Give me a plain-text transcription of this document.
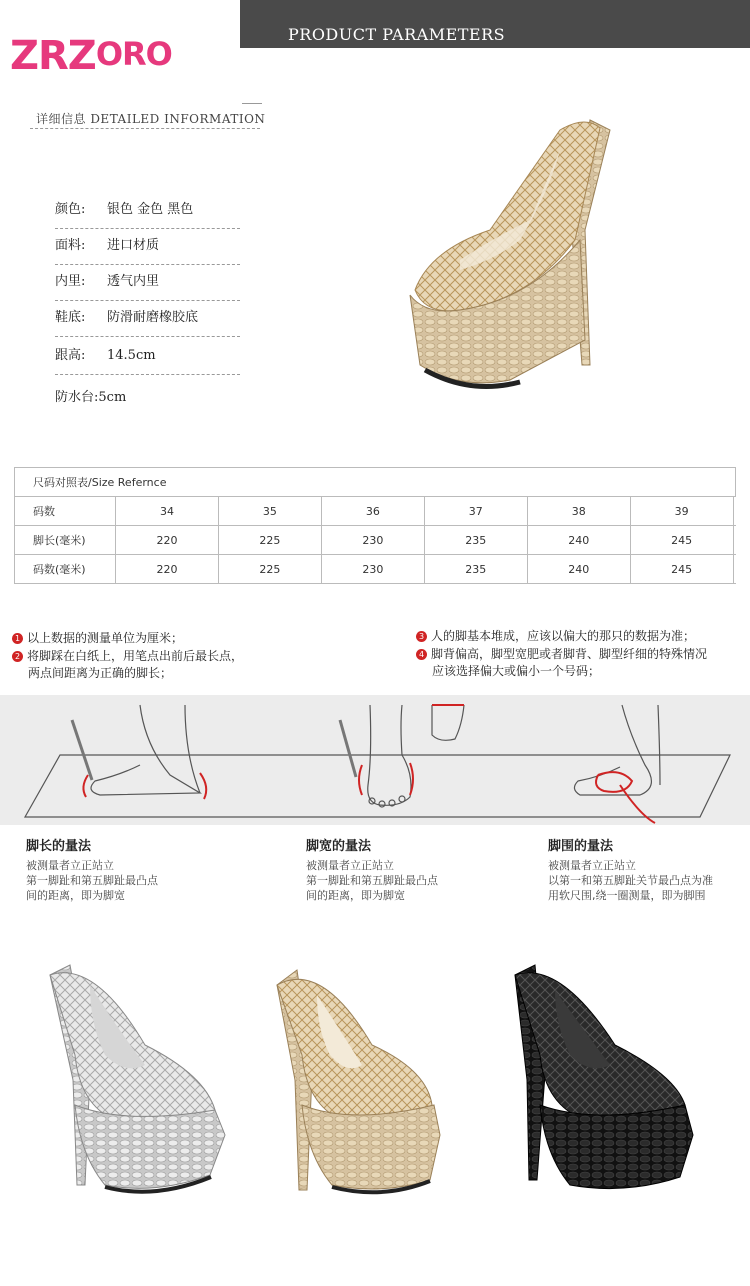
PRODUCT PARAMETERS
ZRZORO
详细信息 DETAILED INFORMATION
颜色: 银色 金色 黑色
面料: 进口材质
内里: 透气内里
鞋底: 防滑耐磨橡胶底
跟高: 14.5cm
防水台:5cm
尺码对照表/Size Refernce							
码数	34	35	36	37	38	39	
脚长(毫米)	220	225	230	235	240	245	
码数(毫米)	220	225	230	235	240	245	
1 以上数据的测量单位为厘米；
2 将脚踩在白纸上，用笔点出前后最长点，
两点间距离为正确的脚长；
3 人的脚基本堆成，应该以偏大的那只的数据为准；
4 脚背偏高，脚型宽肥或者脚背、脚型纤细的特殊情况
应该选择偏大或偏小一个号码；
脚长的量法
被测量者立正站立
第一脚趾和第五脚趾最凸点
间的距离，即为脚宽
脚宽的量法
被测量者立正站立
第一脚趾和第五脚趾最凸点
间的距离，即为脚宽
脚围的量法
被测量者立正站立
以第一和第五脚趾关节最凸点为准
用软尺围,绕一圈测量，即为脚围
